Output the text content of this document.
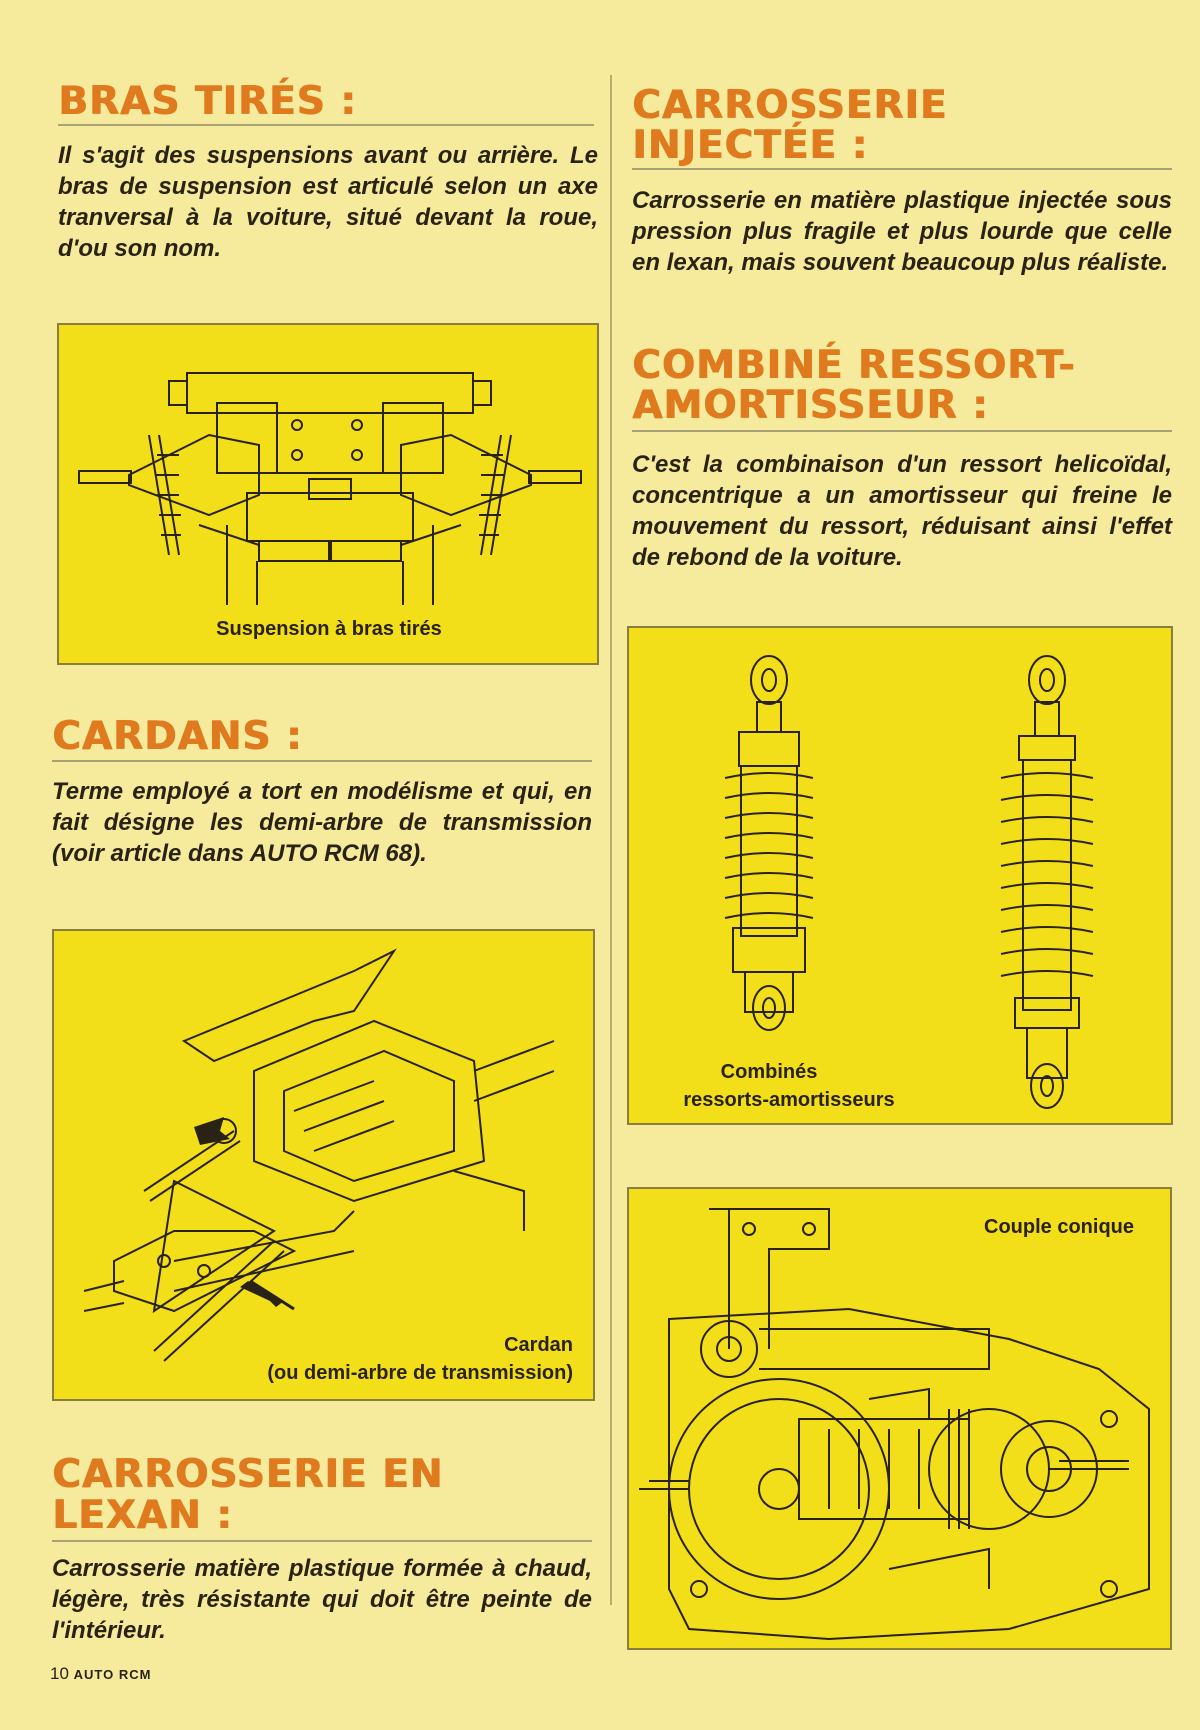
BRAS TIRÉS :

Il s'agit des suspensions avant ou arrière. Le bras de suspension est articulé selon un axe tranversal à la voiture, situé devant la roue, d'ou son nom.

Suspension à bras tirés

CARDANS :

Terme employé a tort en modélisme et qui, en fait désigne les demi-arbre de transmission (voir article dans AUTO RCM 68).

Cardan

(ou demi-arbre de transmission)

CARROSSERIE EN
LEXAN :

Carrosserie matière plastique formée à chaud, légère, très résistante qui doit être peinte de l'intérieur.

CARROSSERIE
INJECTÉE :

Carrosserie en matière plastique injectée sous pression plus fragile et plus lourde que celle en lexan, mais souvent beaucoup plus réaliste.

COMBINÉ RESSORT-
AMORTISSEUR :

C'est la combinaison d'un ressort helicoïdal, concentrique a un amortisseur qui freine le mouvement du ressort, réduisant ainsi l'effet de rebond de la voiture.

Combinés

ressorts-amortisseurs

Couple conique

10 AUTO RCM
